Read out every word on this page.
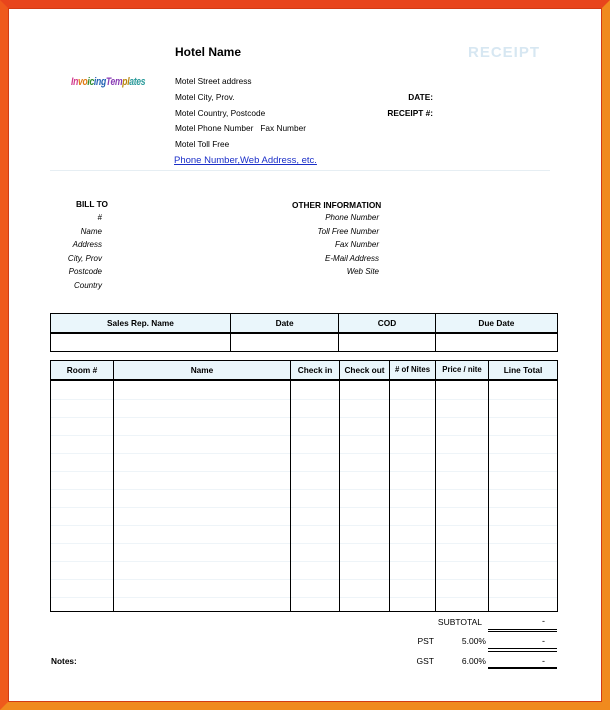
Hotel Name	RECEIPT
InvoicingTemplates	Motel Street address
Motel City, Prov.
Motel Country, Postcode
Motel Phone Number   Fax Number
Motel Toll Free
Phone Number,Web Address, etc.
DATE:
RECEIPT #:
BILL TO
#
Name
Address
City, Prov
Postcode
Country
OTHER INFORMATION
Phone Number
Toll Free Number
Fax Number
E-Mail Address
Web Site
Sales Rep. Name	Date	COD	Due Date

Room #	Name	Check in	Check out	# of Nites	Price / nite	Line Total
SUBTOTAL	-
PST	5.00%	-
GST	6.00%	-
Notes:
